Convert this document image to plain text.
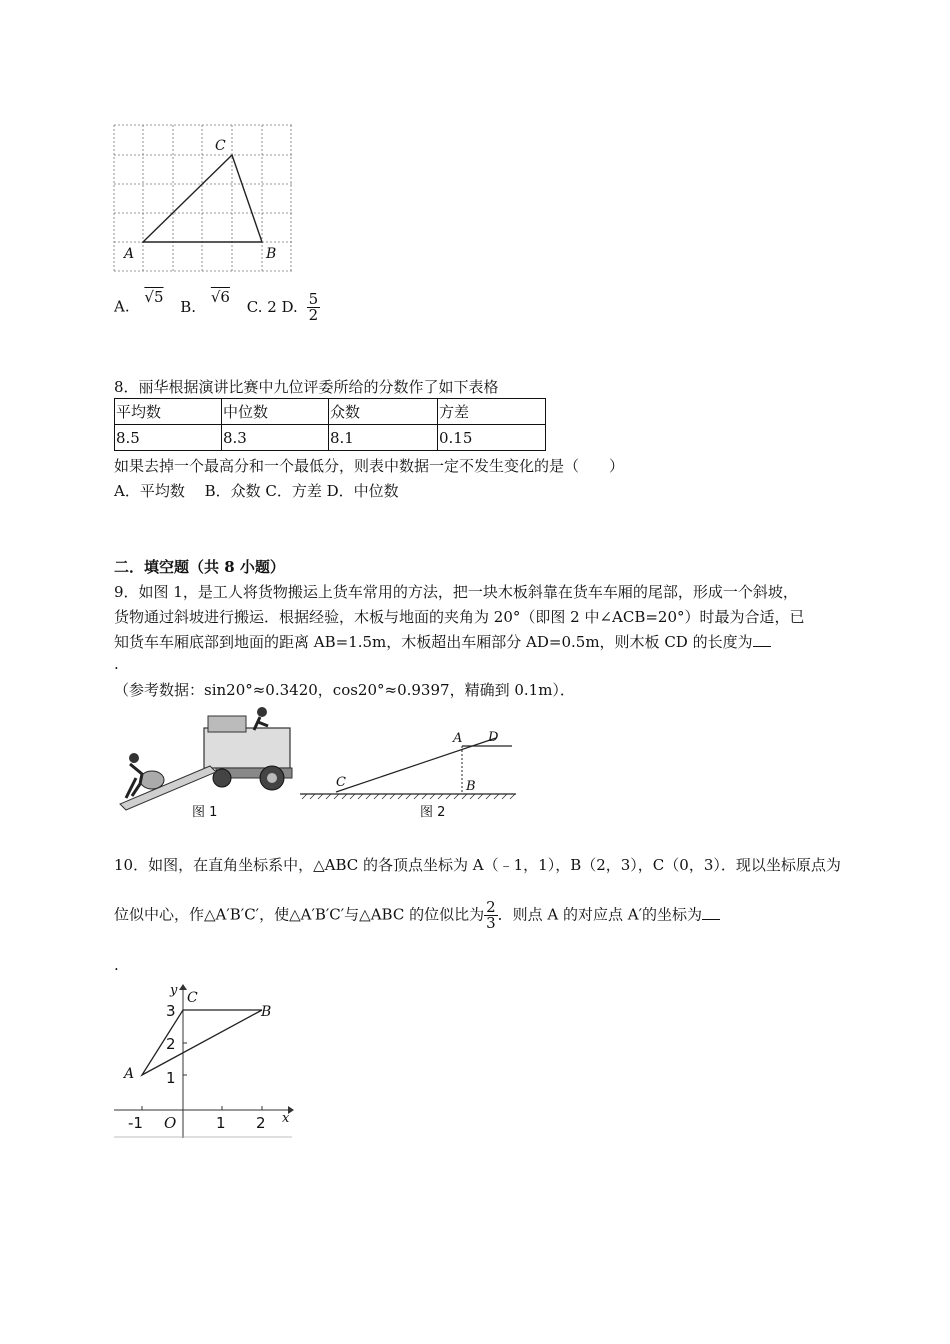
C
A	B
A. √5 B. √6 C. 2 D. $\frac{5}{2}$
8．丽华根据演讲比赛中九位评委所给的分数作了如下表格
平均数	中位数	众数	方差
8.5	8.3	8.1	0.15
如果去掉一个最高分和一个最低分，则表中数据一定不发生变化的是（　　）
A．平均数　 B．众数 C．方差 D．中位数
二．填空题（共 8 小题）
9．如图 1，是工人将货物搬运上货车常用的方法，把一块木板斜靠在货车车厢的尾部，形成一个斜坡，
货物通过斜坡进行搬运．根据经验，木板与地面的夹角为 20°（即图 2 中∠ACB=20°）时最为合适，已
知货车车厢底部到地面的距离 AB=1.5m，木板超出车厢部分 AD=0.5m，则木板 CD 的长度为
.
（参考数据：sin20°≈0.3420，cos20°≈0.9397，精确到 0.1m）．
图 1
A D
B
C
图 2
10．如图，在直角坐标系中，△ABC 的各顶点坐标为 A（﹣1，1），B（2，3），C（0，3）．现以坐标原点为
位似中心，作△A′B′C′，使△A′B′C′与△ABC 的位似比为 $\frac{2}{3}$ ．则点 A 的对应点 A′的坐标为
.
y
x
C
B
A
3
2
1
-1 O	1 2
